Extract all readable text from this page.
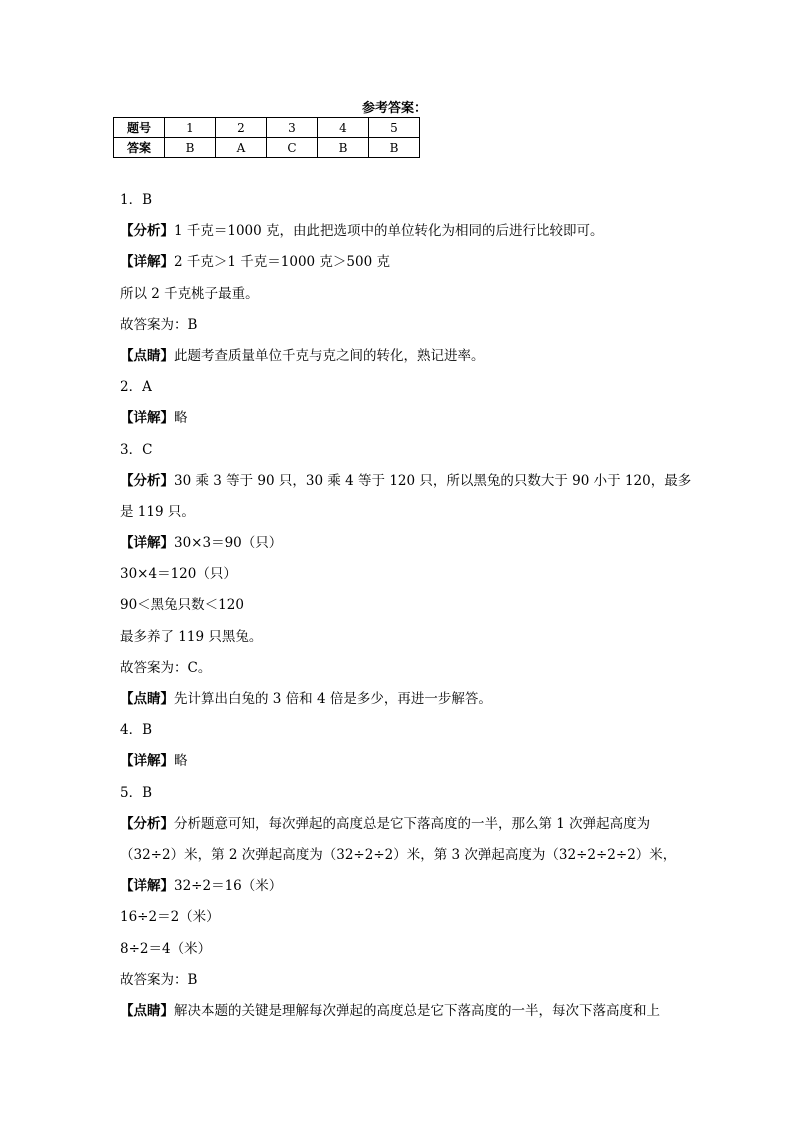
参考答案：
题号	1	2	3	4	5
答案	B	A	C	B	B
1．B
【分析】1 千克＝1000 克，由此把选项中的单位转化为相同的后进行比较即可。
【详解】2 千克＞1 千克＝1000 克＞500 克
所以 2 千克桃子最重。
故答案为：B
【点睛】此题考查质量单位千克与克之间的转化，熟记进率。
2．A
【详解】略
3．C
【分析】30 乘 3 等于 90 只，30 乘 4 等于 120 只，所以黑兔的只数大于 90 小于 120，最多
是 119 只。
【详解】30×3＝90（只）
30×4＝120（只）
90＜黑兔只数＜120
最多养了 119 只黑兔。
故答案为：C。
【点睛】先计算出白兔的 3 倍和 4 倍是多少，再进一步解答。
4．B
【详解】略
5．B
【分析】分析题意可知，每次弹起的高度总是它下落高度的一半，那么第 1 次弹起高度为
（32÷2）米，第 2 次弹起高度为（32÷2÷2）米，第 3 次弹起高度为（32÷2÷2÷2）米，
【详解】32÷2＝16（米）
16÷2＝2（米）
8÷2＝4（米）
故答案为：B
【点睛】解决本题的关键是理解每次弹起的高度总是它下落高度的一半，每次下落高度和上
